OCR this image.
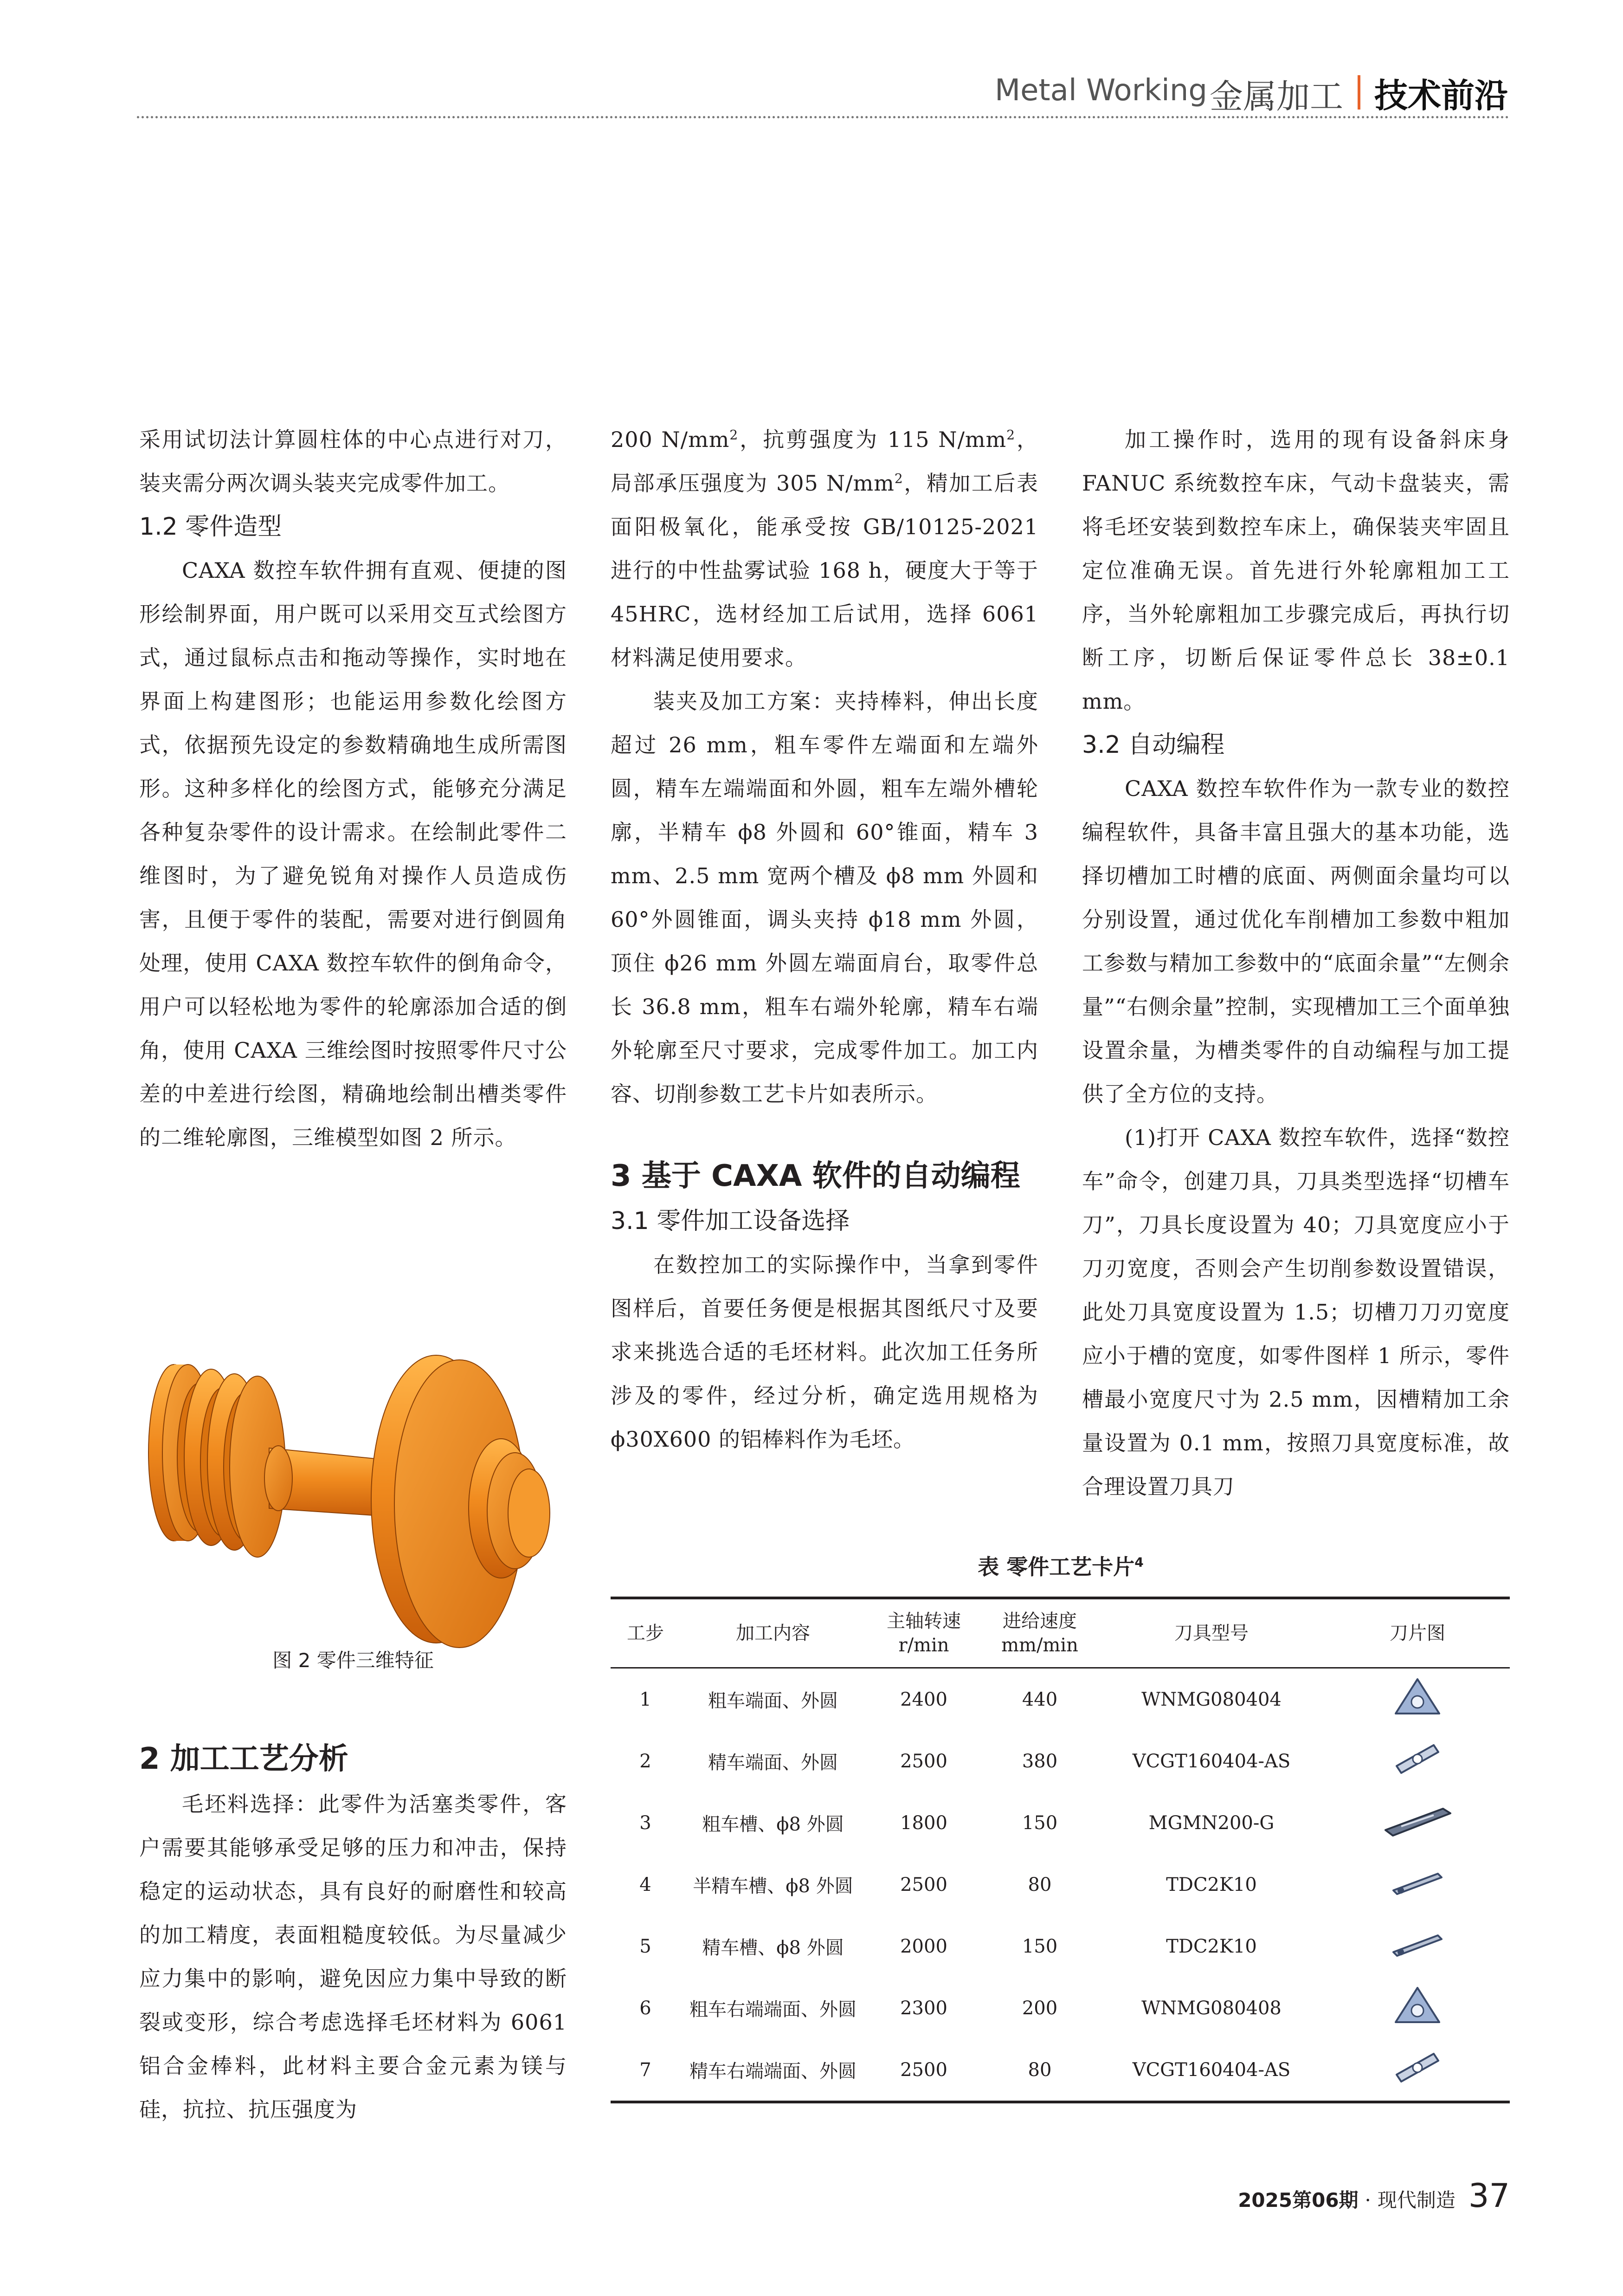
Metal Working 金属加工 技术前沿

采用试切法计算圆柱体的中心点进行对刀，装夹需分两次调头装夹完成零件加工。

1.2 零件造型

CAXA 数控车软件拥有直观、便捷的图形绘制界面，用户既可以采用交互式绘图方式，通过鼠标点击和拖动等操作，实时地在界面上构建图形；也能运用参数化绘图方式，依据预先设定的参数精确地生成所需图形。这种多样化的绘图方式，能够充分满足各种复杂零件的设计需求。在绘制此零件二维图时，为了避免锐角对操作人员造成伤害，且便于零件的装配，需要对进行倒圆角处理，使用 CAXA 数控车软件的倒角命令，用户可以轻松地为零件的轮廓添加合适的倒角，使用 CAXA 三维绘图时按照零件尺寸公差的中差进行绘图，精确地绘制出槽类零件的二维轮廓图，三维模型如图 2 所示。

图 2 零件三维特征

2 加工工艺分析

毛坯料选择：此零件为活塞类零件，客户需要其能够承受足够的压力和冲击，保持稳定的运动状态，具有良好的耐磨性和较高的加工精度，表面粗糙度较低。为尽量减少应力集中的影响，避免因应力集中导致的断裂或变形，综合考虑选择毛坯材料为 6061 铝合金棒料，此材料主要合金元素为镁与硅，抗拉、抗压强度为

200 $N/mm^2$，抗剪强度为 115 $N/mm^2$，局部承压强度为 305 $N/mm^2$，精加工后表面阳极氧化，能承受按 GB/10125-2021 进行的中性盐雾试验 168 h，硬度大于等于 45HRC，选材经加工后试用，选择 6061 材料满足使用要求。

装夹及加工方案：夹持棒料，伸出长度超过 26 mm，粗车零件左端面和左端外圆，精车左端端面和外圆，粗车左端外槽轮廓，半精车 ϕ8 外圆和 60°锥面，精车 3 mm、2.5 mm 宽两个槽及 ϕ8 mm 外圆和 60°外圆锥面，调头夹持 ϕ18 mm 外圆，顶住 ϕ26 mm 外圆左端面肩台，取零件总长 36.8 mm，粗车右端外轮廓，精车右端外轮廓至尺寸要求，完成零件加工。加工内容、切削参数工艺卡片如表所示。

3 基于 CAXA 软件的自动编程

3.1 零件加工设备选择

在数控加工的实际操作中，当拿到零件图样后，首要任务便是根据其图纸尺寸及要求来挑选合适的毛坯材料。此次加工任务所涉及的零件，经过分析，确定选用规格为 ϕ30X600 的铝棒料作为毛坯。

加工操作时，选用的现有设备斜床身 FANUC 系统数控车床，气动卡盘装夹，需将毛坯安装到数控车床上，确保装夹牢固且定位准确无误。首先进行外轮廓粗加工工序，当外轮廓粗加工步骤完成后，再执行切断工序，切断后保证零件总长 38±0.1 mm。

3.2 自动编程

CAXA 数控车软件作为一款专业的数控编程软件，具备丰富且强大的基本功能，选择切槽加工时槽的底面、两侧面余量均可以分别设置，通过优化车削槽加工参数中粗加工参数与精加工参数中的“底面余量”“左侧余量”“右侧余量”控制，实现槽加工三个面单独设置余量，为槽类零件的自动编程与加工提供了全方位的支持。

(1)打开 CAXA 数控车软件，选择“数控车”命令，创建刀具，刀具类型选择“切槽车刀”，刀具长度设置为 40；刀具宽度应小于刀刃宽度，否则会产生切削参数设置错误，此处刀具宽度设置为 1.5；切槽刀刀刃宽度应小于槽的宽度，如零件图样 1 所示，零件槽最小宽度尺寸为 2.5 mm，因槽精加工余量设置为 0.1 mm，按照刀具宽度标准，故合理设置刀具刀

表 零件工艺卡片$^4$
工步	加工内容	主轴转速
r/min	进给速度
mm/min	刀具型号	刀片图
1	粗车端面、外圆	2400	440	WNMG080404	
2	精车端面、外圆	2500	380	VCGT160404-AS	
3	粗车槽、ϕ8 外圆	1800	150	MGMN200-G	
4	半精车槽、ϕ8 外圆	2500	80	TDC2K10	
5	精车槽、ϕ8 外圆	2000	150	TDC2K10	
6	粗车右端端面、外圆	2300	200	WNMG080408	
7	精车右端端面、外圆	2500	80	VCGT160404-AS	
2025第06期 · 现代制造 37
